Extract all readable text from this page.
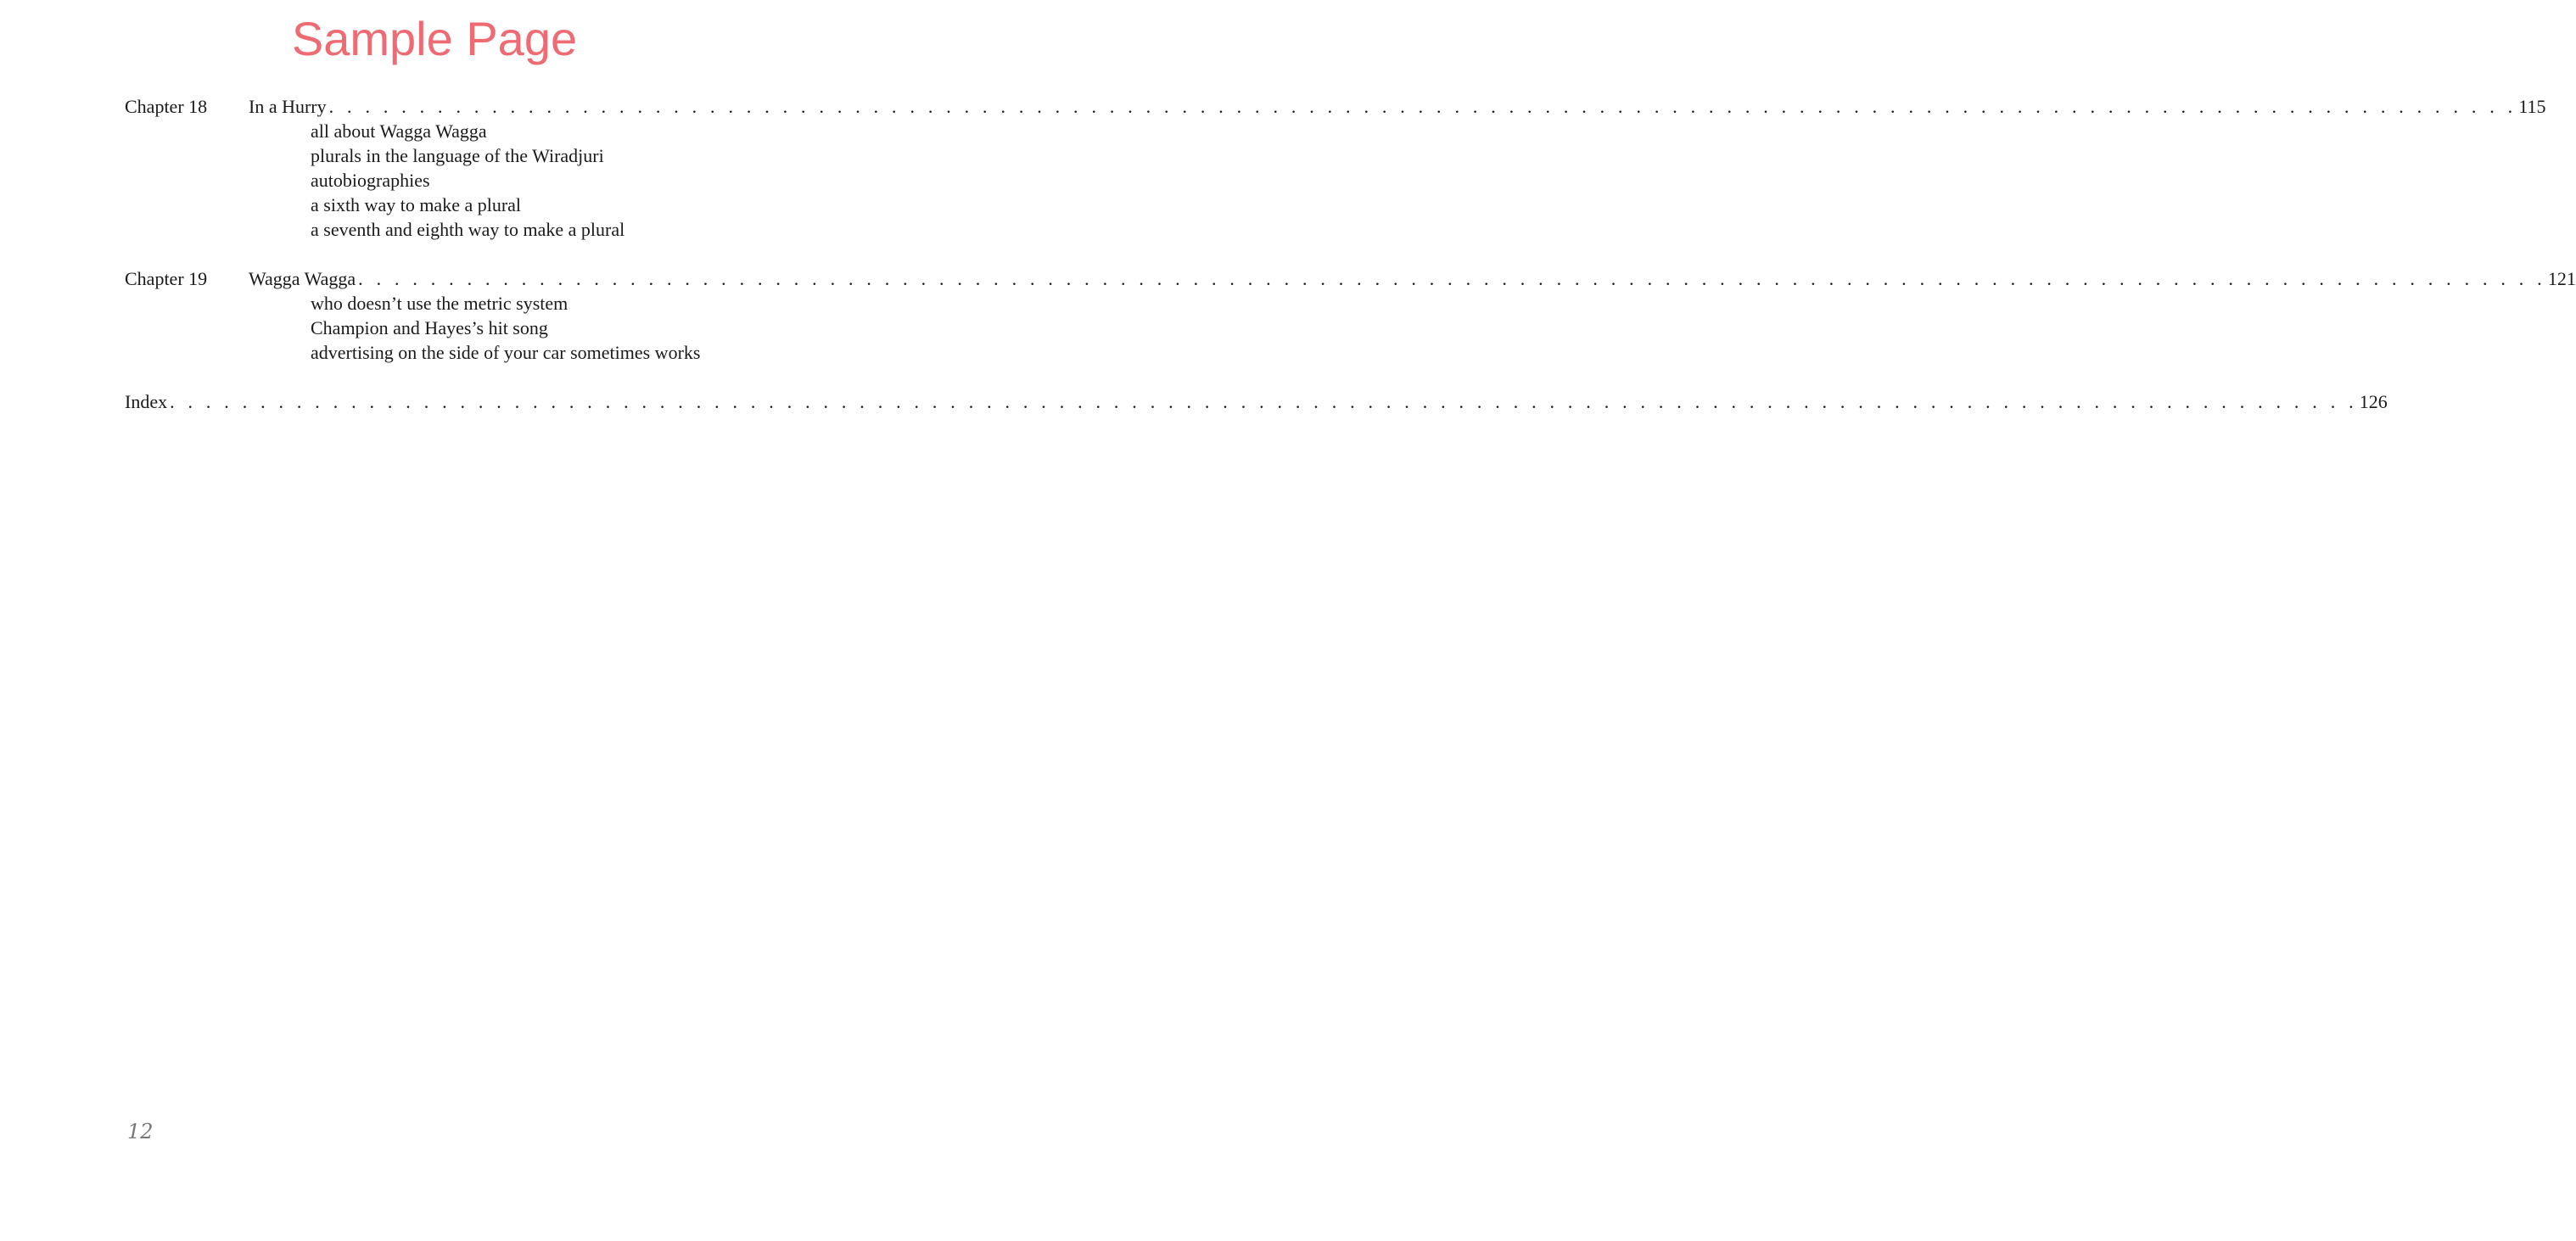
Sample Page
Chapter 18	In a Hurry . . . . . . . . . . . . . . . . . . . . . . . . . . . . . . . . . . . . . . . . . . . . . . . . . . . . . . . . . . . . . . . . . . . . . . . . . . . . . . . . . . . . . . . . . . . . . . . . . . . . . . . . . . . . . . . . . . . . . . . . . 115
all about Wagga Wagga
plurals in the language of the Wiradjuri
autobiographies
a sixth way to make a plural
a seventh and eighth way to make a plural
Chapter 19	Wagga Wagga . . . . . . . . . . . . . . . . . . . . . . . . . . . . . . . . . . . . . . . . . . . . . . . . . . . . . . . . . . . . . . . . . . . . . . . . . . . . . . . . . . . . . . . . . . . . . . . . . . . . . . . . . . . . . . . . . . . . . . . . . 121
who doesn’t use the metric system
Champion and Hayes’s hit song
advertising on the side of your car sometimes works
Index . . . . . . . . . . . . . . . . . . . . . . . . . . . . . . . . . . . . . . . . . . . . . . . . . . . . . . . . . . . . . . . . . . . . . . . . . . . . . . . . . . . . . . . . . . . . . . . . . . . . . . . . . . . . . . . . . . . . . . . . . 126
12
